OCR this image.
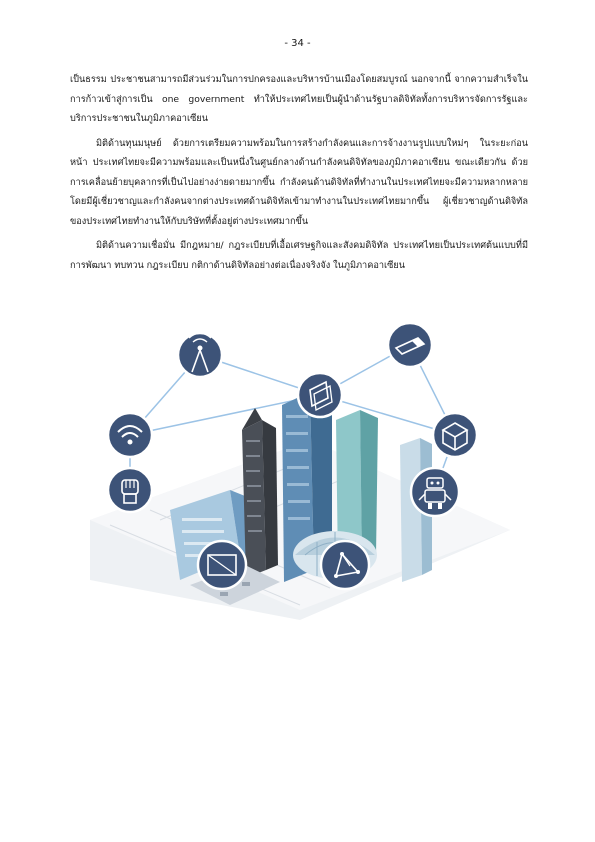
- 34 -

เป็นธรรม ประชาชนสามารถมีส่วนร่วมในการปกครองและบริหารบ้านเมืองโดยสมบูรณ์ นอกจากนี้ จากความสำเร็จในการก้าวเข้าสู่การเป็น one government ทำให้ประเทศไทยเป็นผู้นำด้านรัฐบาลดิจิทัลทั้งการบริหารจัดการรัฐและบริการประชาชนในภูมิภาคอาเซียน

มิติด้านทุนมนุษย์ ด้วยการเตรียมความพร้อมในการสร้างกำลังคนและการจ้างงานรูปแบบใหม่ๆ ในระยะก่อนหน้า ประเทศไทยจะมีความพร้อมและเป็นหนึ่งในศูนย์กลางด้านกำลังคนดิจิทัลของภูมิภาคอาเซียน ขณะเดียวกัน ด้วยการเคลื่อนย้ายบุคลากรที่เป็นไปอย่างง่ายดายมากขึ้น กำลังคนด้านดิจิทัลที่ทำงานในประเทศไทยจะมีความหลากหลาย โดยมีผู้เชี่ยวชาญและกำลังคนจากต่างประเทศด้านดิจิทัลเข้ามาทำงานในประเทศไทยมากขึ้น ผู้เชี่ยวชาญด้านดิจิทัลของประเทศไทยทำงานให้กับบริษัทที่ตั้งอยู่ต่างประเทศมากขึ้น

มิติด้านความเชื่อมั่น มีกฎหมาย/ กฎระเบียบที่เอื้อเศรษฐกิจและสังคมดิจิทัล ประเทศไทยเป็นประเทศต้นแบบที่มีการพัฒนา ทบทวน กฎระเบียบ กติกาด้านดิจิทัลอย่างต่อเนื่องจริงจัง ในภูมิภาคอาเซียน
